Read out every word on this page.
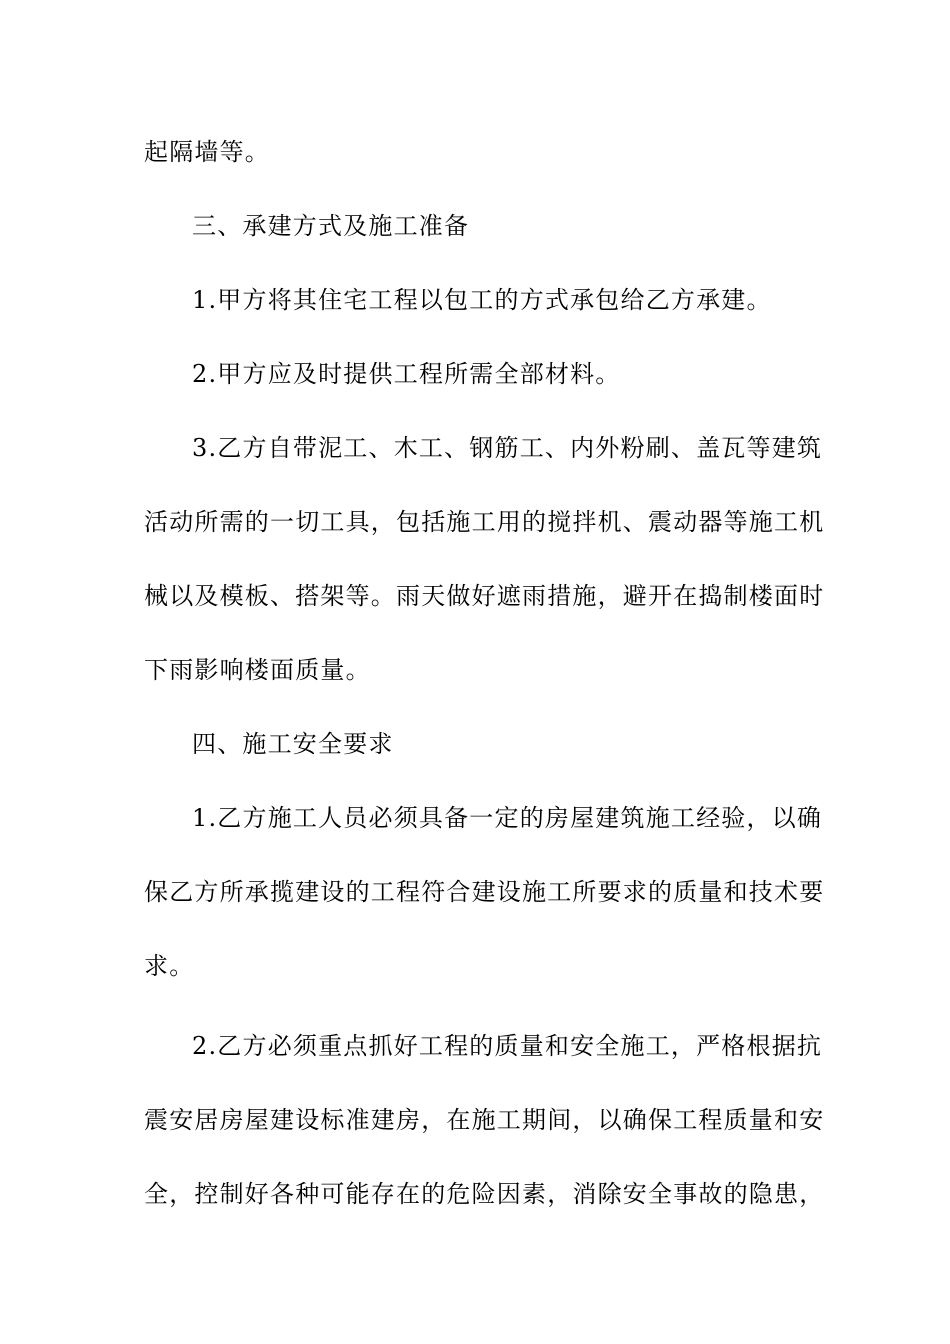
起隔墙等。
三、承建方式及施工准备
1.甲方将其住宅工程以包工的方式承包给乙方承建。
2.甲方应及时提供工程所需全部材料。
3.乙方自带泥工、木工、钢筋工、内外粉刷、盖瓦等建筑
活动所需的一切工具，包括施工用的搅拌机、震动器等施工机
械以及模板、搭架等。雨天做好遮雨措施，避开在捣制楼面时
下雨影响楼面质量。
四、施工安全要求
1.乙方施工人员必须具备一定的房屋建筑施工经验，以确
保乙方所承揽建设的工程符合建设施工所要求的质量和技术要
求。
2.乙方必须重点抓好工程的质量和安全施工，严格根据抗
震安居房屋建设标准建房，在施工期间，以确保工程质量和安
全，控制好各种可能存在的危险因素，消除安全事故的隐患，
